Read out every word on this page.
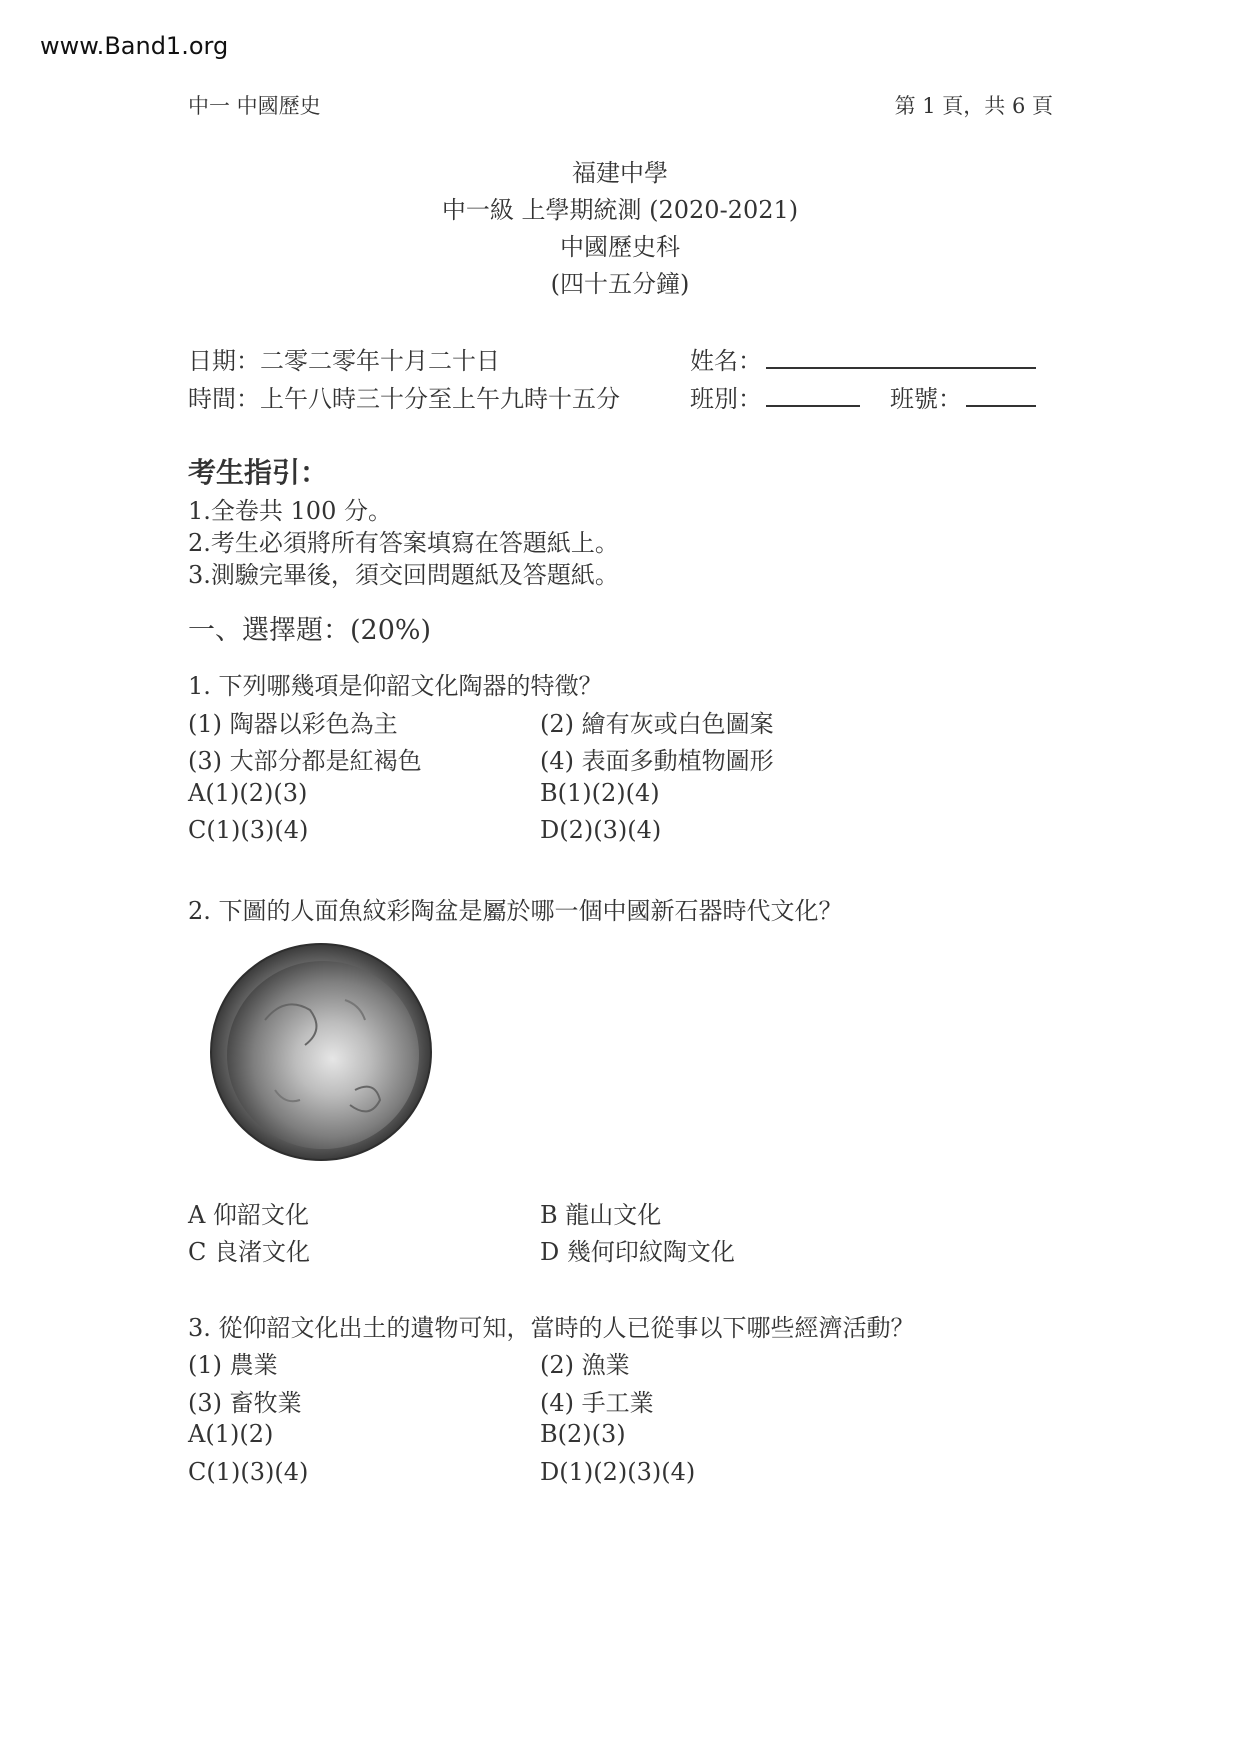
www.Band1.org
中一 中國歷史	第 1 頁，共 6 頁
福建中學
中一級 上學期統測 (2020-2021)
中國歷史科
(四十五分鐘)
日期：二零二零年十月二十日
時間：上午八時三十分至上午九時十五分
姓名：
班別：	班號：
考生指引：
1.全卷共 100 分。
2.考生必須將所有答案填寫在答題紙上。
3.測驗完畢後，須交回問題紙及答題紙。
一、選擇題：(20%)
1. 下列哪幾項是仰韶文化陶器的特徵？
(1) 陶器以彩色為主	(2) 繪有灰或白色圖案
(3) 大部分都是紅褐色	(4) 表面多動植物圖形
A(1)(2)(3)	B(1)(2)(4)
C(1)(3)(4)	D(2)(3)(4)
2. 下圖的人面魚紋彩陶盆是屬於哪一個中國新石器時代文化？
A 仰韶文化	B 龍山文化
C 良渚文化	D 幾何印紋陶文化
3. 從仰韶文化出土的遺物可知，當時的人已從事以下哪些經濟活動？
(1) 農業	(2) 漁業
(3) 畜牧業	(4) 手工業
A(1)(2)	B(2)(3)
C(1)(3)(4)	D(1)(2)(3)(4)
